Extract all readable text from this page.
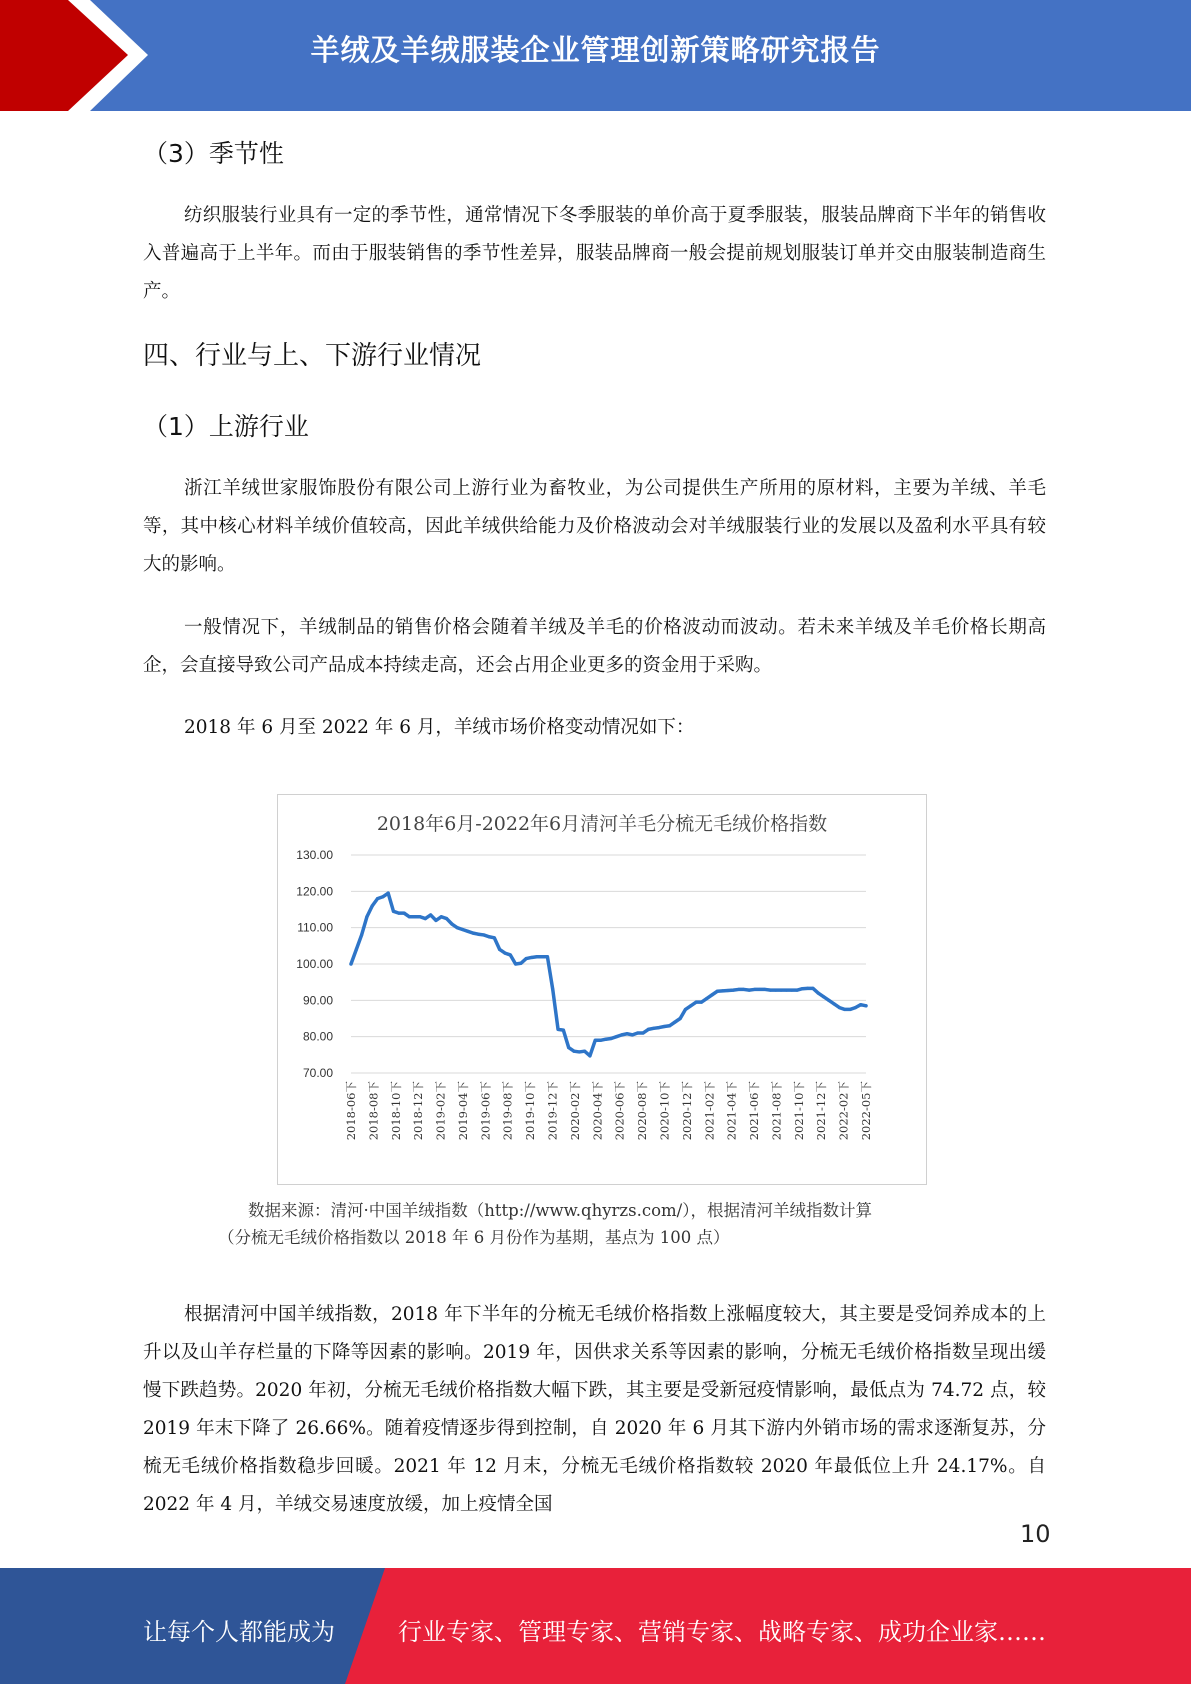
羊绒及羊绒服装企业管理创新策略研究报告
（3）季节性

纺织服装行业具有一定的季节性，通常情况下冬季服装的单价高于夏季服装，服装品牌商下半年的销售收入普遍高于上半年。而由于服装销售的季节性差异，服装品牌商一般会提前规划服装订单并交由服装制造商生产。

四、行业与上、下游行业情况
（1）上游行业

浙江羊绒世家服饰股份有限公司上游行业为畜牧业，为公司提供生产所用的原材料，主要为羊绒、羊毛等，其中核心材料羊绒价值较高，因此羊绒供给能力及价格波动会对羊绒服装行业的发展以及盈利水平具有较大的影响。

一般情况下，羊绒制品的销售价格会随着羊绒及羊毛的价格波动而波动。若未来羊绒及羊毛价格长期高企，会直接导致公司产品成本持续走高，还会占用企业更多的资金用于采购。

2018 年 6 月至 2022 年 6 月，羊绒市场价格变动情况如下：

2018年6月-2022年6月清河羊毛分梳无毛绒价格指数
130.00
120.00
110.00
100.00
90.00
80.00
70.00
2018-06下 2018-08下 2018-10下 2018-12下 2019-02下 2019-04下 2019-06下 2019-08下 2019-10下 2019-12下 2020-02下 2020-04下 2020-06下 2020-08下 2020-10下 2020-12下 2021-02下 2021-04下 2021-06下 2021-08下 2021-10下 2021-12下 2022-02下 2022-05下
数据来源：清河·中国羊绒指数（http://www.qhyrzs.com/），根据清河羊绒指数计算
（分梳无毛绒价格指数以 2018 年 6 月份作为基期，基点为 100 点）

根据清河中国羊绒指数，2018 年下半年的分梳无毛绒价格指数上涨幅度较大，其主要是受饲养成本的上升以及山羊存栏量的下降等因素的影响。2019 年，因供求关系等因素的影响，分梳无毛绒价格指数呈现出缓慢下跌趋势。2020 年初，分梳无毛绒价格指数大幅下跌，其主要是受新冠疫情影响，最低点为 74.72 点，较 2019 年末下降了 26.66%。随着疫情逐步得到控制，自 2020 年 6 月其下游内外销市场的需求逐渐复苏，分梳无毛绒价格指数稳步回暖。2021 年 12 月末，分梳无毛绒价格指数较 2020 年最低位上升 24.17%。自 2022 年 4 月，羊绒交易速度放缓，加上疫情全国

10
让每个人都能成为	行业专家、管理专家、营销专家、战略专家、成功企业家……
